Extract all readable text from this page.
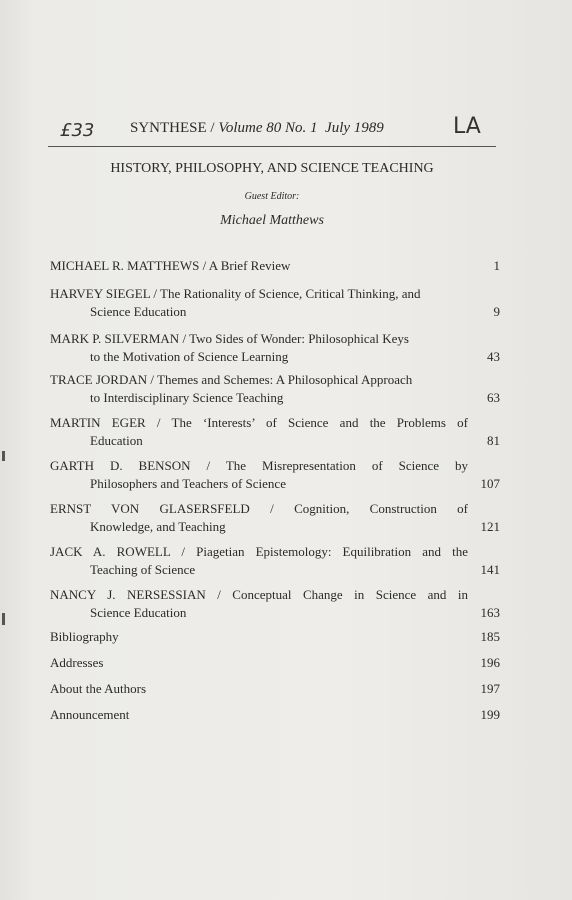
£33	LA
SYNTHESE / Volume 80 No. 1 July 1989
HISTORY, PHILOSOPHY, AND SCIENCE TEACHING
Guest Editor:
Michael Matthews
MICHAEL R. MATTHEWS / A Brief Review	1
HARVEY SIEGEL / The Rationality of Science, Critical Thinking, and
Science Education	9
MARK P. SILVERMAN / Two Sides of Wonder: Philosophical Keys
to the Motivation of Science Learning	43
TRACE JORDAN / Themes and Schemes: A Philosophical Approach
to Interdisciplinary Science Teaching	63
MARTIN EGER / The ‘Interests’ of Science and the Problems of
Education	81
GARTH D. BENSON / The Misrepresentation of Science by
Philosophers and Teachers of Science	107
ERNST VON GLASERSFELD / Cognition, Construction of
Knowledge, and Teaching	121
JACK A. ROWELL / Piagetian Epistemology: Equilibration and the
Teaching of Science	141
NANCY J. NERSESSIAN / Conceptual Change in Science and in
Science Education	163
Bibliography	185
Addresses	196
About the Authors	197
Announcement	199
